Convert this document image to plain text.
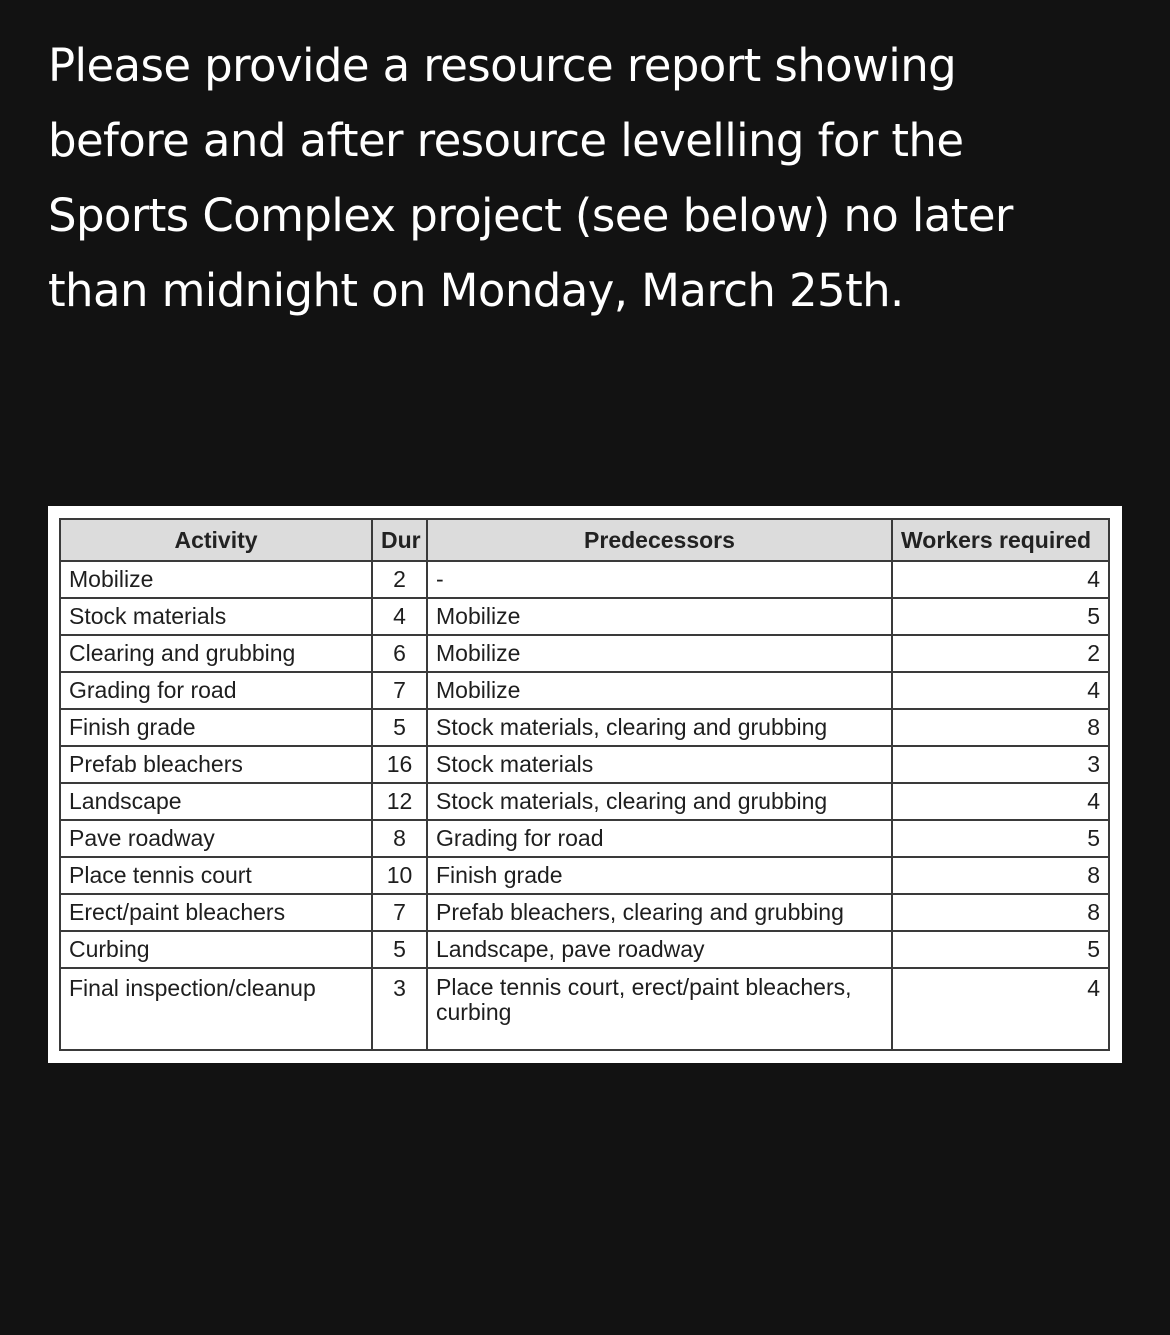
Please provide a resource report showing
before and after resource levelling for the
Sports Complex project (see below) no later
than midnight on Monday, March 25th.

Activity	Dur	Predecessors	Workers required
Mobilize	2	-	4
Stock materials	4	Mobilize	5
Clearing and grubbing	6	Mobilize	2
Grading for road	7	Mobilize	4
Finish grade	5	Stock materials, clearing and grubbing	8
Prefab bleachers	16	Stock materials	3
Landscape	12	Stock materials, clearing and grubbing	4
Pave roadway	8	Grading for road	5
Place tennis court	10	Finish grade	8
Erect/paint bleachers	7	Prefab bleachers, clearing and grubbing	8
Curbing	5	Landscape, pave roadway	5
Final inspection/cleanup	3	Place tennis court, erect/paint bleachers, curbing	4
